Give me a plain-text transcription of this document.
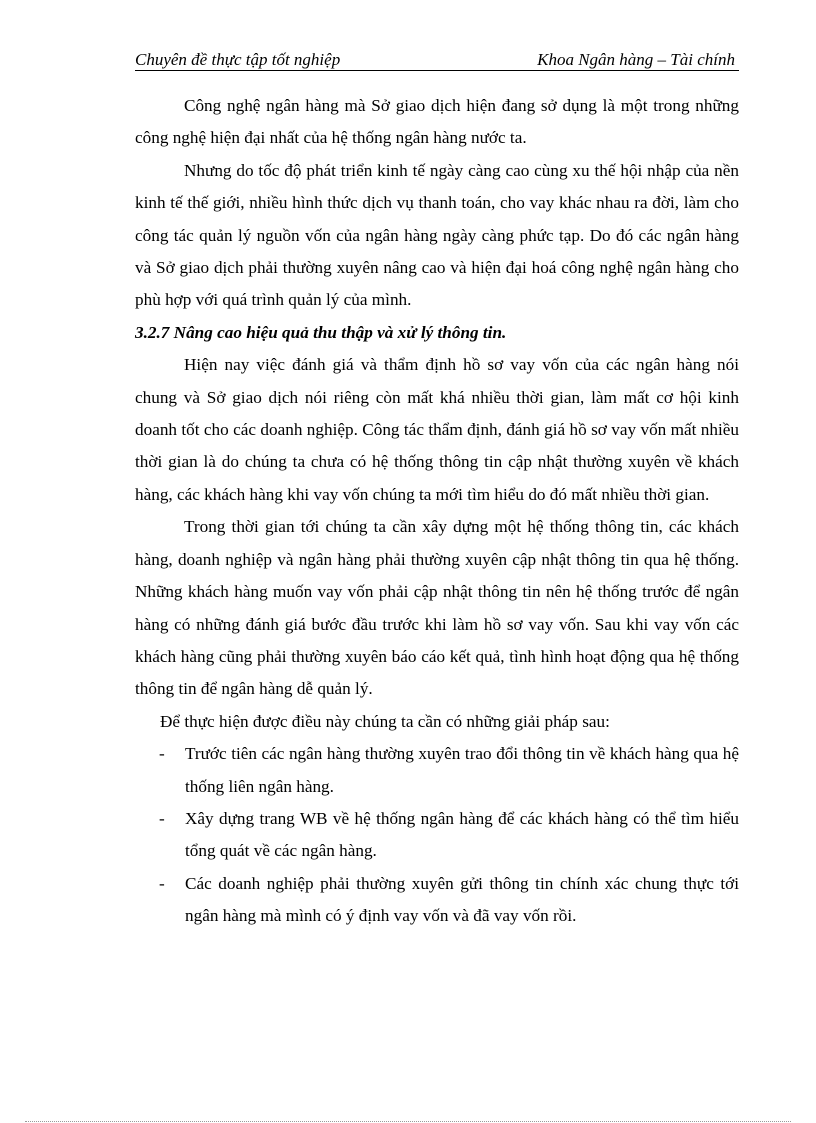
Chuyên đề thực tập tốt nghiệp	Khoa Ngân hàng – Tài chính

Công nghệ ngân hàng mà Sở giao dịch hiện đang sở dụng là một trong những công nghệ hiện đại nhất của hệ thống ngân hàng nước ta.

Nhưng do tốc độ phát triển kinh tế ngày càng cao cùng xu thế hội nhập của nền kinh tế thế giới, nhiều hình thức dịch vụ thanh toán, cho vay khác nhau ra đời, làm cho công tác quản lý nguồn vốn của ngân hàng ngày càng phức tạp. Do đó các ngân hàng và Sở giao dịch phải thường xuyên nâng cao và hiện đại hoá công nghệ ngân hàng cho phù hợp với quá trình quản lý của mình.

3.2.7 Nâng cao hiệu quả thu thập và xử lý thông tin.

Hiện nay việc đánh giá và thẩm định hồ sơ vay vốn của các ngân hàng nói chung và Sở giao dịch nói riêng còn mất khá nhiều thời gian, làm mất cơ hội kinh doanh tốt cho các doanh nghiệp. Công tác thẩm định, đánh giá hồ sơ vay vốn mất nhiều thời gian là do chúng ta chưa có hệ thống thông tin cập nhật thường xuyên về khách hàng, các khách hàng khi vay vốn chúng ta mới tìm hiểu do đó mất nhiều thời gian.

Trong thời gian tới chúng ta cần xây dựng một hệ thống thông tin, các khách hàng, doanh nghiệp và ngân hàng phải thường xuyên cập nhật thông tin qua hệ thống. Những khách hàng muốn vay vốn phải cập nhật thông tin nên hệ thống trước để ngân hàng có những đánh giá bước đầu trước khi làm hồ sơ vay vốn. Sau khi vay vốn các khách hàng cũng phải thường xuyên báo cáo kết quả, tình hình hoạt động qua hệ thống thông tin để ngân hàng dễ quản lý.

Để thực hiện được điều này chúng ta cần có những giải pháp sau:

- Trước tiên các ngân hàng thường xuyên trao đổi thông tin về khách hàng qua hệ thống liên ngân hàng.
- Xây dựng trang WB về hệ thống ngân hàng để các khách hàng có thể tìm hiểu tổng quát về các ngân hàng.
- Các doanh nghiệp phải thường xuyên gửi thông tin chính xác chung thực tới ngân hàng mà mình có ý định vay vốn và đã vay vốn rồi.
